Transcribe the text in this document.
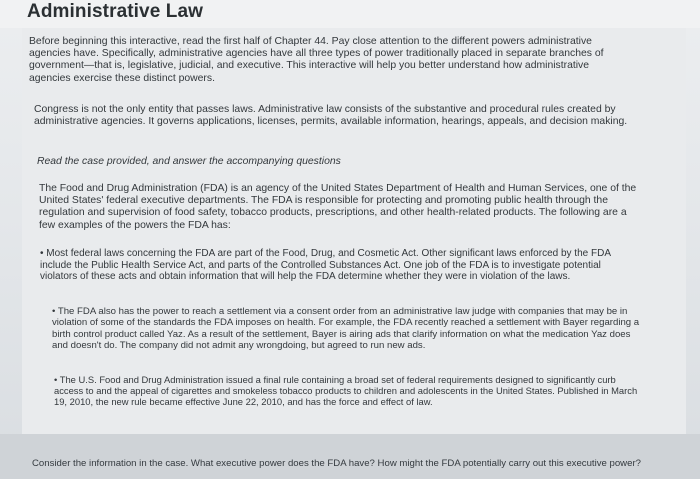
Administrative Law
Before beginning this interactive, read the first half of Chapter 44. Pay close attention to the different powers administrative agencies have. Specifically, administrative agencies have all three types of power traditionally placed in separate branches of government—that is, legislative, judicial, and executive. This interactive will help you better understand how administrative agencies exercise these distinct powers.
Congress is not the only entity that passes laws. Administrative law consists of the substantive and procedural rules created by administrative agencies. It governs applications, licenses, permits, available information, hearings, appeals, and decision making.
Read the case provided, and answer the accompanying questions
The Food and Drug Administration (FDA) is an agency of the United States Department of Health and Human Services, one of the United States' federal executive departments. The FDA is responsible for protecting and promoting public health through the regulation and supervision of food safety, tobacco products, prescriptions, and other health-related products. The following are a few examples of the powers the FDA has:
• Most federal laws concerning the FDA are part of the Food, Drug, and Cosmetic Act. Other significant laws enforced by the FDA include the Public Health Service Act, and parts of the Controlled Substances Act. One job of the FDA is to investigate potential violators of these acts and obtain information that will help the FDA determine whether they were in violation of the laws.
• The FDA also has the power to reach a settlement via a consent order from an administrative law judge with companies that may be in violation of some of the standards the FDA imposes on health. For example, the FDA recently reached a settlement with Bayer regarding a birth control product called Yaz. As a result of the settlement, Bayer is airing ads that clarify information on what the medication Yaz does and doesn't do. The company did not admit any wrongdoing, but agreed to run new ads.
• The U.S. Food and Drug Administration issued a final rule containing a broad set of federal requirements designed to significantly curb access to and the appeal of cigarettes and smokeless tobacco products to children and adolescents in the United States. Published in March 19, 2010, the new rule became effective June 22, 2010, and has the force and effect of law.
Consider the information in the case. What executive power does the FDA have? How might the FDA potentially carry out this executive power?
